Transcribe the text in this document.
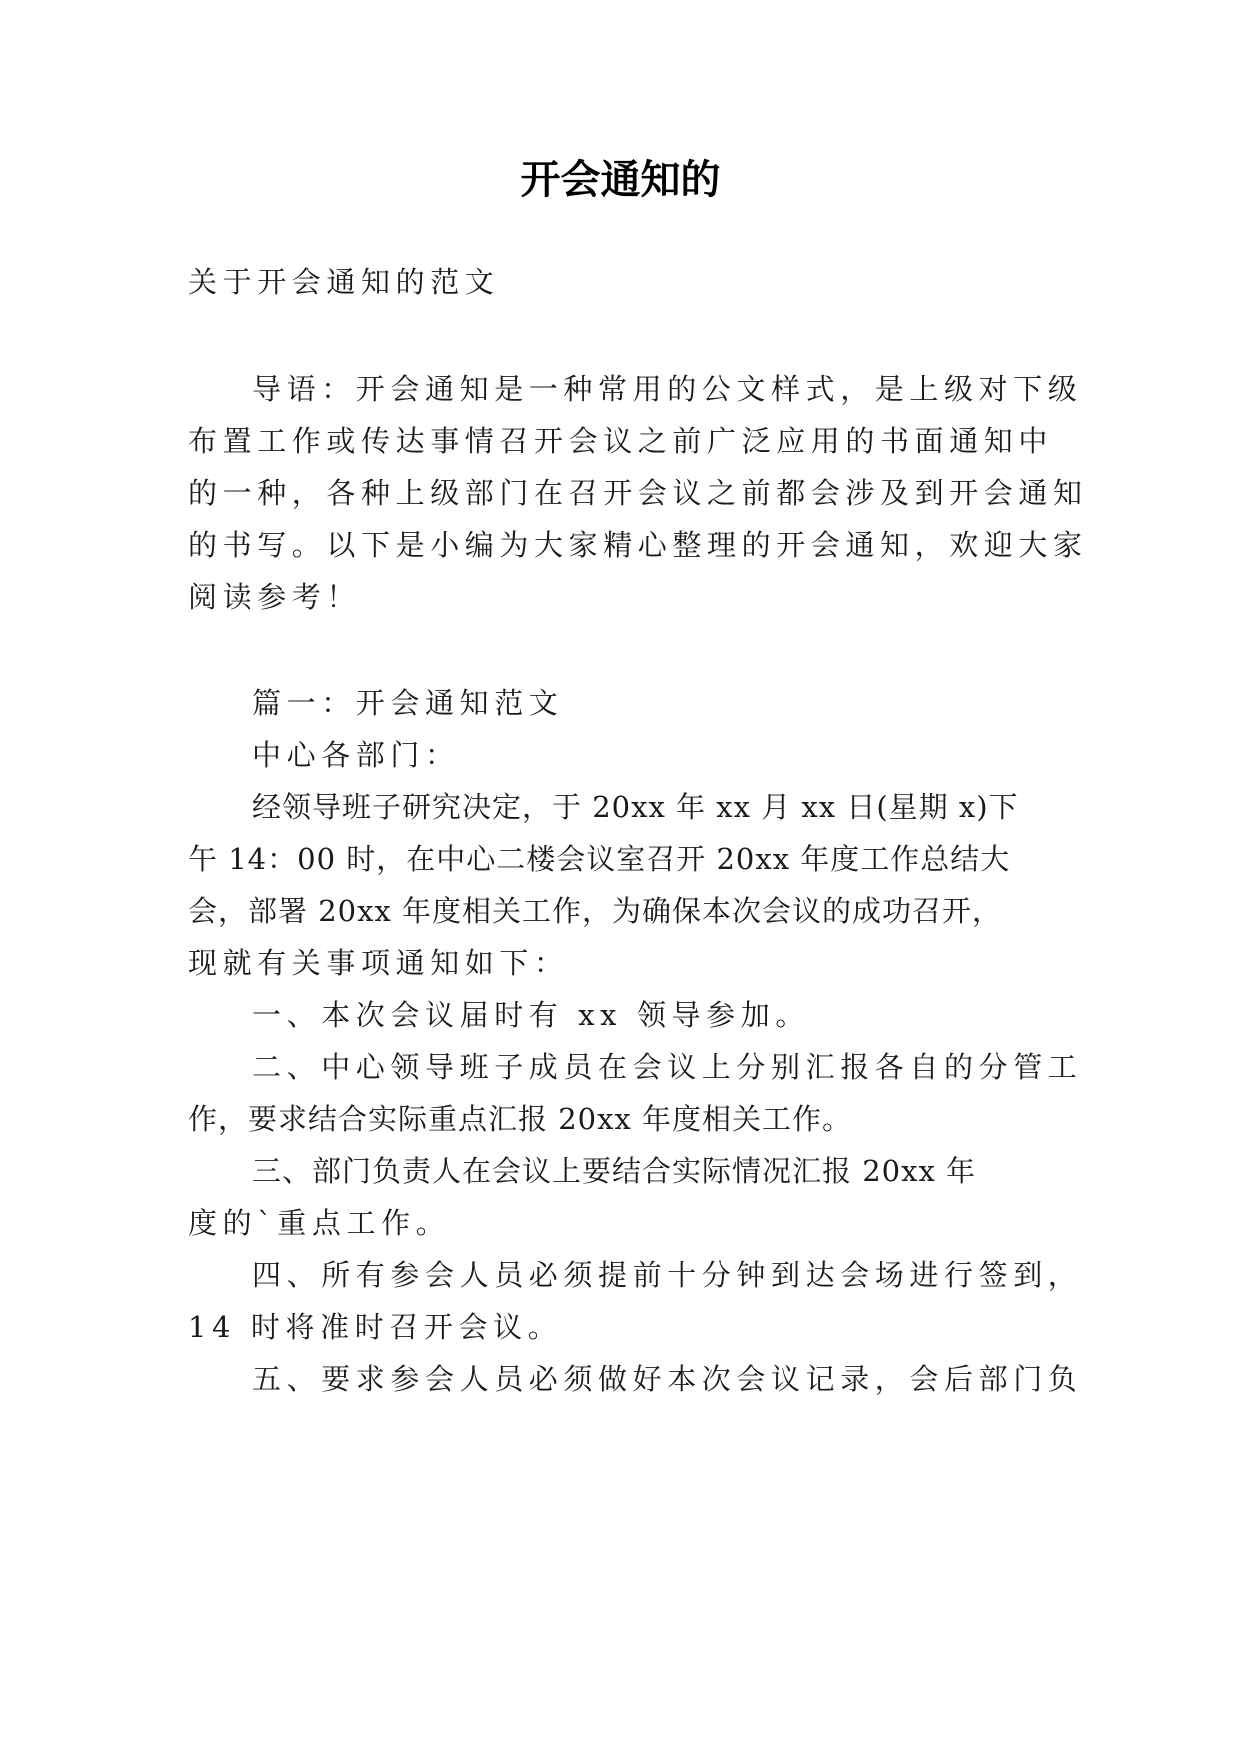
开会通知的
关于开会通知的范文
导语：开会通知是一种常用的公文样式，是上级对下级
布置工作或传达事情召开会议之前广泛应用的书面通知中
的一种，各种上级部门在召开会议之前都会涉及到开会通知
的书写。以下是小编为大家精心整理的开会通知，欢迎大家
阅读参考！
篇一：开会通知范文
中心各部门：
经领导班子研究决定，于 20xx 年 xx 月 xx 日(星期 x)下
午 14：00 时，在中心二楼会议室召开 20xx 年度工作总结大
会，部署 20xx 年度相关工作，为确保本次会议的成功召开，
现就有关事项通知如下：
一、本次会议届时有 xx 领导参加。
二、中心领导班子成员在会议上分别汇报各自的分管工
作，要求结合实际重点汇报 20xx 年度相关工作。
三、部门负责人在会议上要结合实际情况汇报 20xx 年
度的`重点工作。
四、所有参会人员必须提前十分钟到达会场进行签到，
14 时将准时召开会议。
五、要求参会人员必须做好本次会议记录，会后部门负
